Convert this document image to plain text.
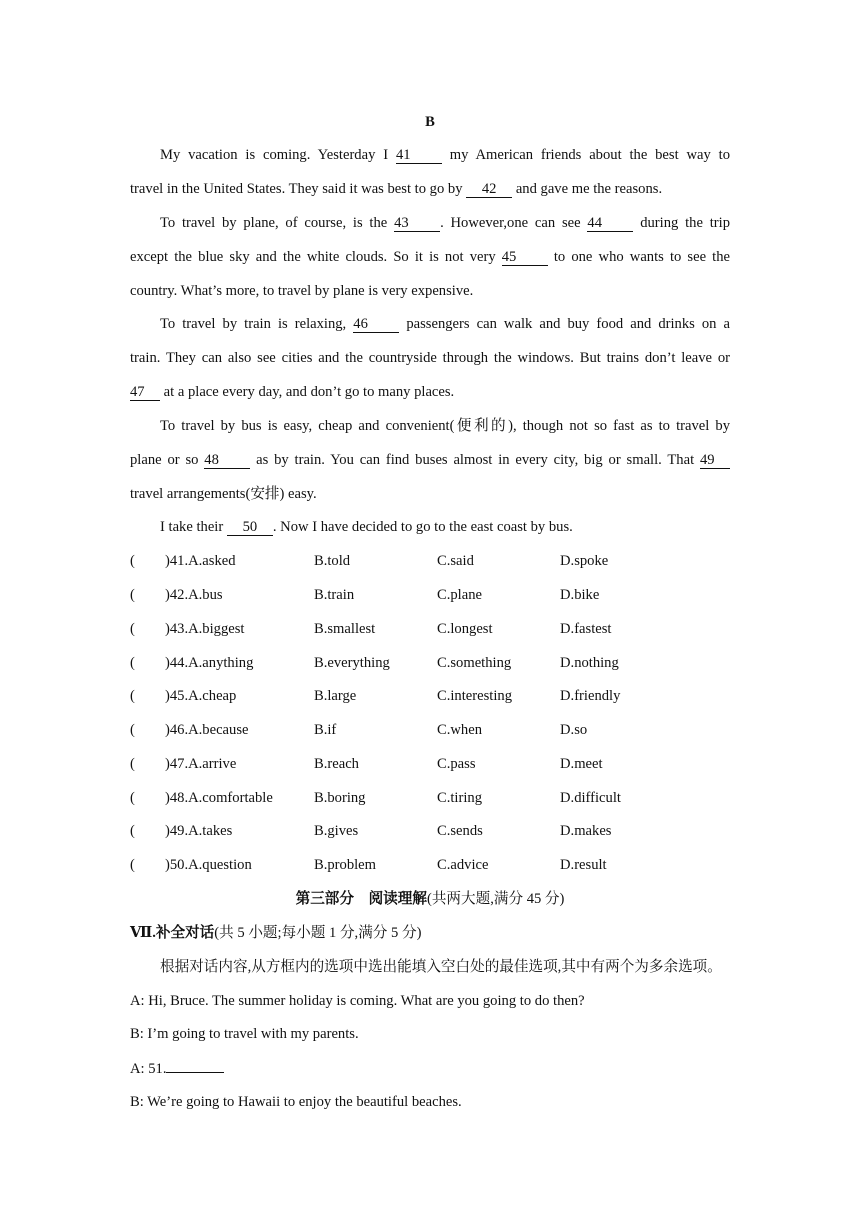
B
My vacation is coming. Yesterday I 41	my American friends about the best way to
travel in the United States. They said it was best to go by 42 and gave me the reasons.
To travel by plane, of course, is the 43 . However,one can see 44	during the trip
except the blue sky and the white clouds. So it is not very 45	to one who wants to see the
country. What’s more, to travel by plane is very expensive.
To travel by train is relaxing, 46	passengers can walk and buy food and drinks on a
train. They can also see cities and the countryside through the windows. But trains don’t leave or
47 at a place every day, and don’t go to many places.
To travel by bus is easy, cheap and convenient(便利的), though not so fast as to travel by
plane or so 48	as by train. You can find buses almost in every city, big or small. That 49
travel arrangements(安排) easy.
I take their 50 . Now I have decided to go to the east coast by bus.
( )41.A.asked	B.told	C.said	D.spoke
( )42.A.bus	B.train	C.plane	D.bike
( )43.A.biggest	B.smallest	C.longest	D.fastest
( )44.A.anything	B.everything	C.something	D.nothing
( )45.A.cheap	B.large	C.interesting	D.friendly
( )46.A.because	B.if	C.when	D.so
( )47.A.arrive	B.reach	C.pass	D.meet
( )48.A.comfortable	B.boring	C.tiring	D.difficult
( )49.A.takes	B.gives	C.sends	D.makes
( )50.A.question	B.problem	C.advice	D.result
第三部分　阅读理解(共两大题,满分 45 分)
Ⅶ.补全对话(共 5 小题;每小题 1 分,满分 5 分)
根据对话内容,从方框内的选项中选出能填入空白处的最佳选项,其中有两个为多余选项。
A: Hi, Bruce. The summer holiday is coming. What are you going to do then?
B: I’m going to travel with my parents.
A: 51.
B: We’re going to Hawaii to enjoy the beautiful beaches.
